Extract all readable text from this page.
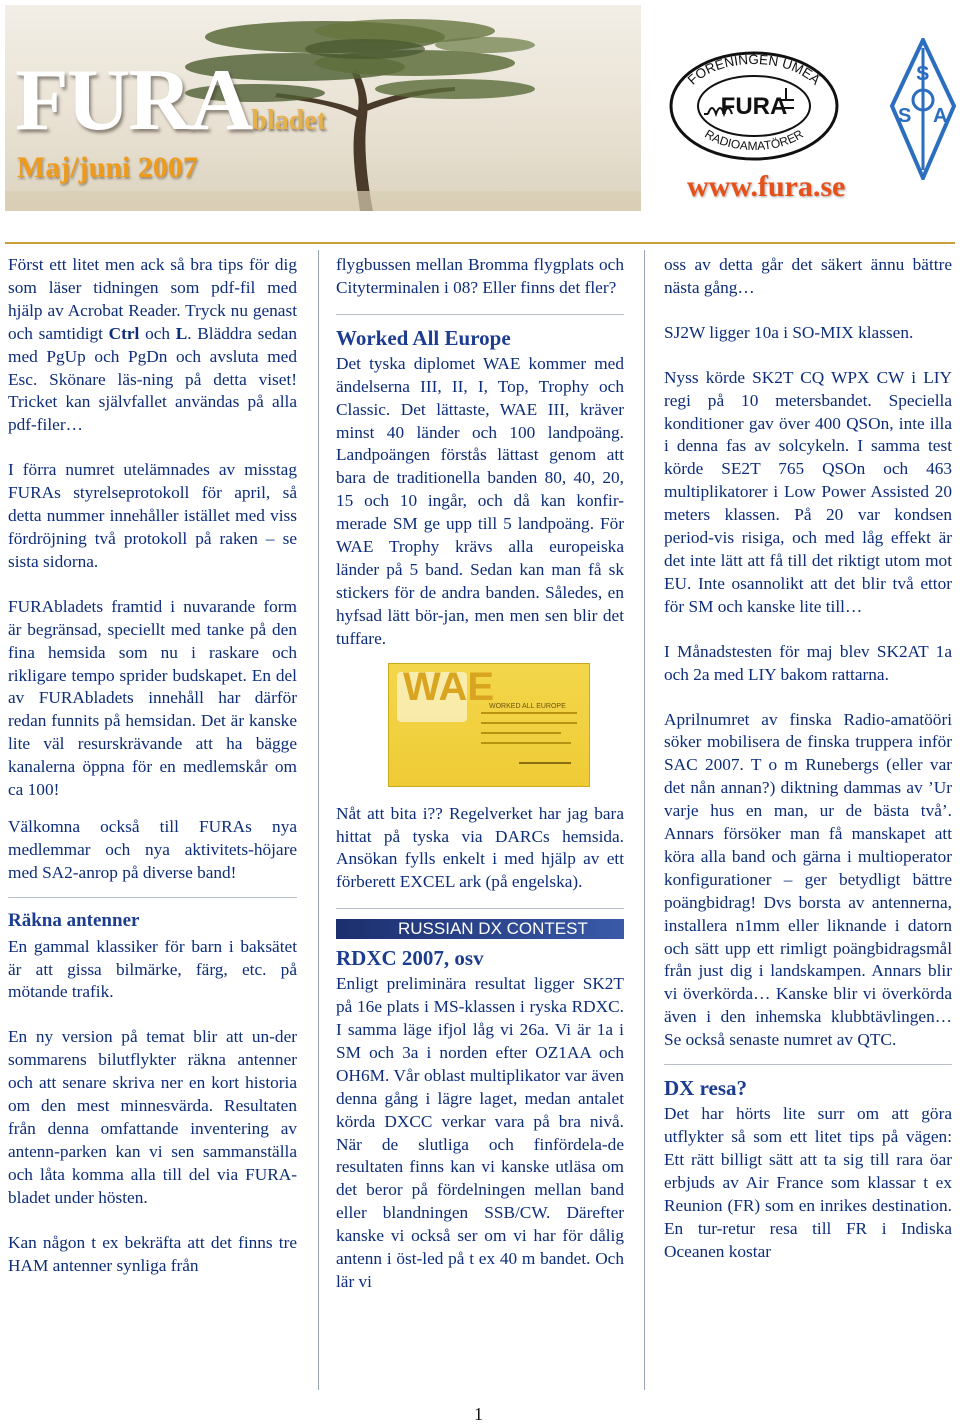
FURAbladet
Maj/juni 2007
FÖRENINGEN UMEÅ
RADIOAMATÖRER
FURA
S
S A
www.fura.se

Först ett litet men ack så bra tips för dig som läser tidningen som pdf-fil med hjälp av Acrobat Reader. Tryck nu genast och samtidigt Ctrl och L. Bläddra sedan med PgUp och PgDn och avsluta med Esc. Skönare läs-ning på detta viset! Tricket kan självfallet användas på alla pdf-filer…

I förra numret utelämnades av misstag FURAs styrelseprotokoll för april, så detta nummer innehåller istället med viss fördröjning två protokoll på raken – se sista sidorna.

FURAbladets framtid i nuvarande form är begränsad, speciellt med tanke på den fina hemsida som nu i raskare och rikligare tempo sprider budskapet. En del av FURAbladets innehåll har därför redan funnits på hemsidan. Det är kanske lite väl resurskrävande att ha bägge kanalerna öppna för en medlemskår om ca 100!

Välkomna också till FURAs nya medlemmar och nya aktivitets-höjare med SA2-anrop på diverse band!

Räkna antenner

En gammal klassiker för barn i baksätet är att gissa bilmärke, färg, etc. på mötande trafik.

En ny version på temat blir att un-der sommarens bilutflykter räkna antenner och att senare skriva ner en kort historia om den mest minnesvärda. Resultaten från denna omfattande inventering av antenn-parken kan vi sen sammanställa och låta komma alla till del via FURA-bladet under hösten.

Kan någon t ex bekräfta att det finns tre HAM antenner synliga från

flygbussen mellan Bromma flygplats och Cityterminalen i 08? Eller finns det fler?

Worked All Europe

Det tyska diplomet WAE kommer med ändelserna III, II, I, Top, Trophy och Classic. Det lättaste, WAE III, kräver minst 40 länder och 100 landpoäng. Landpoängen förstås lättast genom att bara de traditionella banden 80, 40, 20, 15 och 10 ingår, och då kan konfir-merade SM ge upp till 5 landpoäng. För WAE Trophy krävs alla europeiska länder på 5 band. Sedan kan man få sk stickers för de andra banden. Således, en hyfsad lätt bör-jan, men men sen blir det tuffare.

WAE
WORKED ALL EUROPE

Nåt att bita i?? Regelverket har jag bara hittat på tyska via DARCs hemsida. Ansökan fylls enkelt i med hjälp av ett förberett EXCEL ark (på engelska).

RUSSIAN DX CONTEST
RDXC 2007, osv

Enligt preliminära resultat ligger SK2T på 16e plats i MS-klassen i ryska RDXC. I samma läge ifjol låg vi 26a. Vi är 1a i SM och 3a i norden efter OZ1AA och OH6M. Vår oblast multiplikator var även denna gång i lägre laget, medan antalet körda DXCC verkar vara på bra nivå. När de slutliga och finfördela-de resultaten finns kan vi kanske utläsa om det beror på fördelningen mellan band eller blandningen SSB/CW. Därefter kanske vi också ser om vi har för dålig antenn i öst-led på t ex 40 m bandet. Och lär vi

oss av detta går det säkert ännu bättre nästa gång…

SJ2W ligger 10a i SO-MIX klassen.

Nyss körde SK2T CQ WPX CW i LIY regi på 10 metersbandet. Speciella konditioner gav över 400 QSOn, inte illa i denna fas av solcykeln. I samma test körde SE2T 765 QSOn och 463 multiplikatorer i Low Power Assisted 20 meters klassen. På 20 var kondsen period-vis risiga, och med låg effekt är det inte lätt att få till det riktigt utom mot EU. Inte osannolikt att det blir två ettor för SM och kanske lite till…

I Månadstesten för maj blev SK2AT 1a och 2a med LIY bakom rattarna.

Aprilnumret av finska Radio-amatööri söker mobilisera de finska truppera inför SAC 2007. T o m Runebergs (eller var det nån annan?) diktning dammas av ’Ur varje hus en man, ur de bästa två’. Annars försöker man få manskapet att köra alla band och gärna i multioperator konfigurationer – ger betydligt bättre poängbidrag! Dvs borsta av antennerna, installera n1mm eller liknande i datorn och sätt upp ett rimligt poängbidragsmål från just dig i landskampen. Annars blir vi överkörda… Kanske blir vi överkörda även i den inhemska klubbtävlingen… Se också senaste numret av QTC.

DX resa?

Det har hörts lite surr om att göra utflykter så som ett litet tips på vägen: Ett rätt billigt sätt att ta sig till rara öar erbjuds av Air France som klassar t ex Reunion (FR) som en inrikes destination. En tur-retur resa till FR i Indiska Oceanen kostar

1
